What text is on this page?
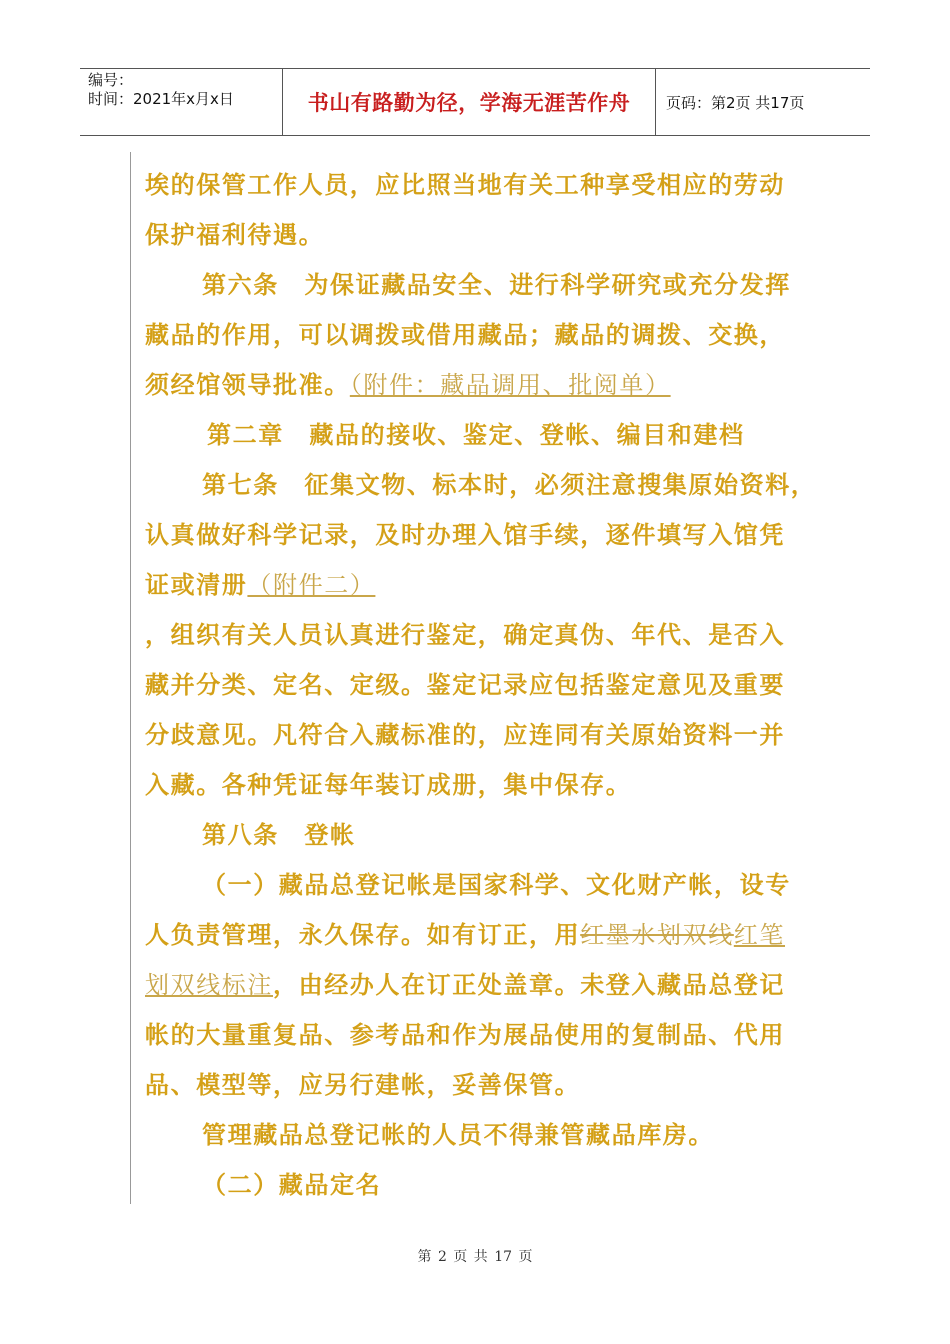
编号：
时间：2021年x月x日	书山有路勤为径，学海无涯苦作舟	页码：第2页 共17页
埃的保管工作人员，应比照当地有关工种享受相应的劳动
保护福利待遇。
第六条　为保证藏品安全、进行科学研究或充分发挥
藏品的作用，可以调拨或借用藏品；藏品的调拨、交换，
须经馆领导批准。（附件：藏品调用、批阅单）
第二章　藏品的接收、鉴定、登帐、编目和建档
第七条　征集文物、标本时，必须注意搜集原始资料，
认真做好科学记录，及时办理入馆手续，逐件填写入馆凭
证或清册（附件二）
，组织有关人员认真进行鉴定，确定真伪、年代、是否入
藏并分类、定名、定级。鉴定记录应包括鉴定意见及重要
分歧意见。凡符合入藏标准的，应连同有关原始资料一并
入藏。各种凭证每年装订成册，集中保存。
第八条　登帐
（一）藏品总登记帐是国家科学、文化财产帐，设专
人负责管理，永久保存。如有订正，用红墨水划双线红笔
划双线标注，由经办人在订正处盖章。未登入藏品总登记
帐的大量重复品、参考品和作为展品使用的复制品、代用
品、模型等，应另行建帐，妥善保管。
管理藏品总登记帐的人员不得兼管藏品库房。
（二）藏品定名
第 2 页 共 17 页
